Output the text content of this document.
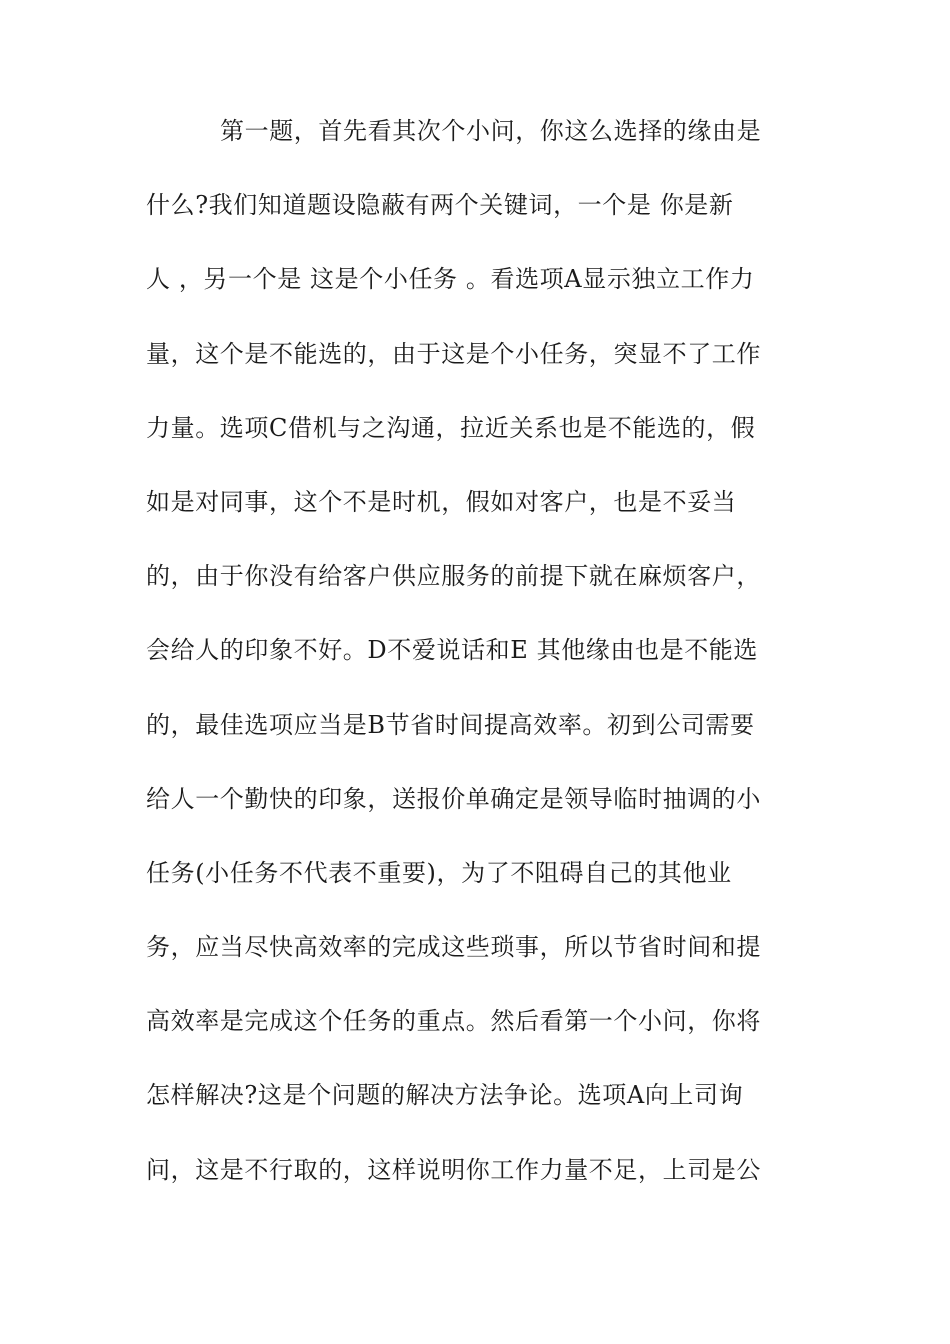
第一题，首先看其次个小问，你这么选择的缘由是
什么?我们知道题设隐蔽有两个关键词，一个是 你是新
人 ，另一个是 这是个小任务 。看选项A显示独立工作力
量，这个是不能选的，由于这是个小任务，突显不了工作
力量。选项C借机与之沟通，拉近关系也是不能选的，假
如是对同事，这个不是时机，假如对客户，也是不妥当
的，由于你没有给客户供应服务的前提下就在麻烦客户，
会给人的印象不好。D不爱说话和E 其他缘由也是不能选
的，最佳选项应当是B节省时间提高效率。初到公司需要
给人一个勤快的印象，送报价单确定是领导临时抽调的小
任务(小任务不代表不重要)，为了不阻碍自己的其他业
务，应当尽快高效率的完成这些琐事，所以节省时间和提
高效率是完成这个任务的重点。然后看第一个小问，你将
怎样解决?这是个问题的解决方法争论。选项A向上司询
问，这是不行取的，这样说明你工作力量不足，上司是公
